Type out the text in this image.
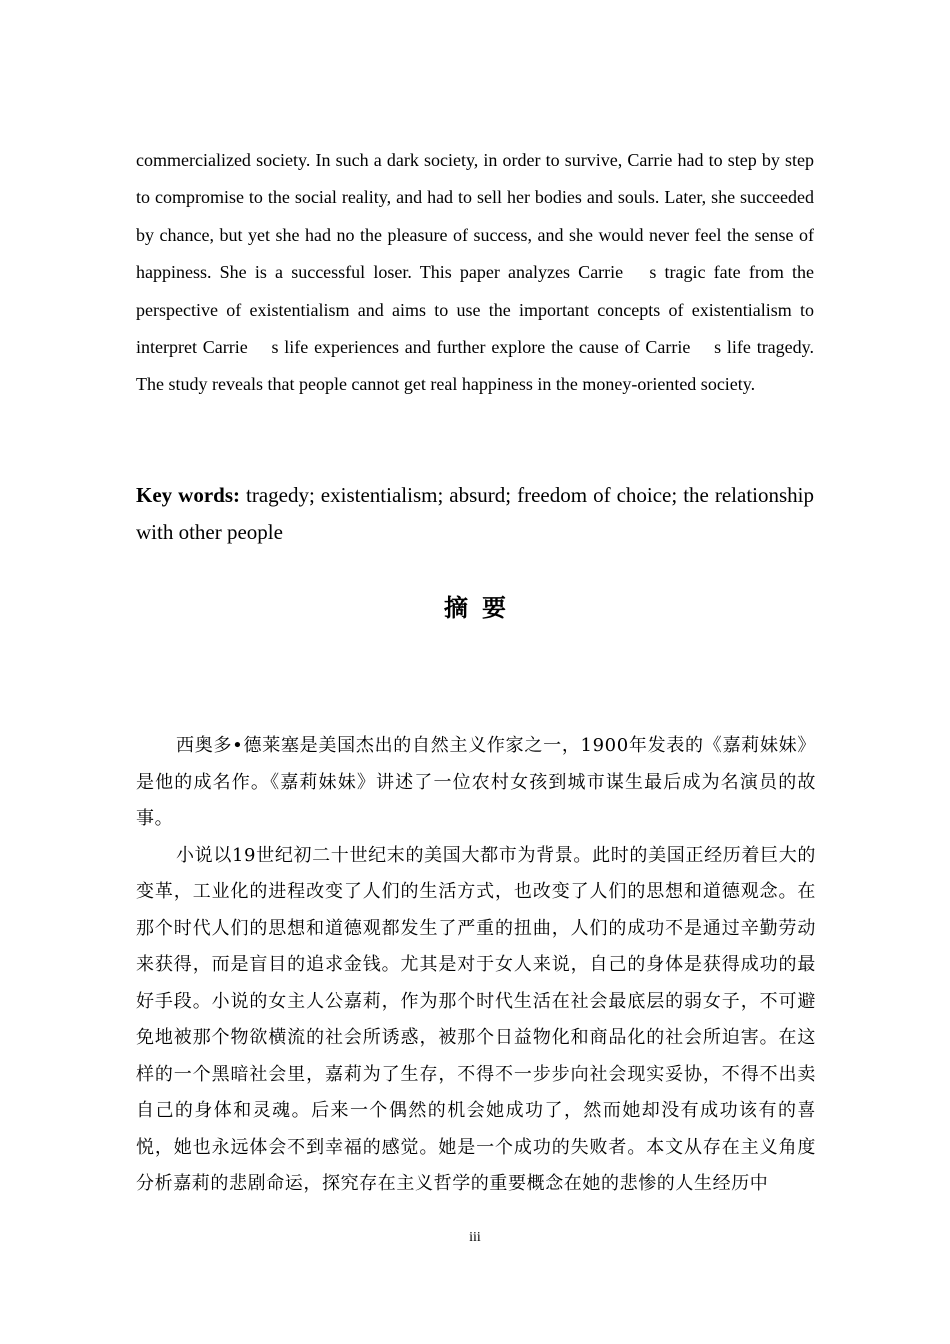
commercialized society. In such a dark society, in order to survive, Carrie had to step by step to compromise to the social reality, and had to sell her bodies and souls. Later, she succeeded by chance, but yet she had no the pleasure of success, and she would never feel the sense of happiness. She is a successful loser. This paper analyzes Carrie  s tragic fate from the perspective of existentialism and aims to use the important concepts of existentialism to interpret Carrie  s life experiences and further explore the cause of Carrie  s life tragedy. The study reveals that people cannot get real happiness in the money-oriented society.

Key words: tragedy; existentialism; absurd; freedom of choice; the relationship with other people

摘要

西奥多•德莱塞是美国杰出的自然主义作家之一，1900年发表的《嘉莉妹妹》是他的成名作。《嘉莉妹妹》讲述了一位农村女孩到城市谋生最后成为名演员的故事。

小说以19世纪初二十世纪末的美国大都市为背景。此时的美国正经历着巨大的变革，工业化的进程改变了人们的生活方式，也改变了人们的思想和道德观念。在那个时代人们的思想和道德观都发生了严重的扭曲，人们的成功不是通过辛勤劳动来获得，而是盲目的追求金钱。尤其是对于女人来说，自己的身体是获得成功的最好手段。小说的女主人公嘉莉，作为那个时代生活在社会最底层的弱女子，不可避免地被那个物欲横流的社会所诱惑，被那个日益物化和商品化的社会所迫害。在这样的一个黑暗社会里，嘉莉为了生存，不得不一步步向社会现实妥协，不得不出卖自己的身体和灵魂。后来一个偶然的机会她成功了，然而她却没有成功该有的喜悦，她也永远体会不到幸福的感觉。她是一个成功的失败者。本文从存在主义角度分析嘉莉的悲剧命运，探究存在主义哲学的重要概念在她的悲惨的人生经历中

iii
